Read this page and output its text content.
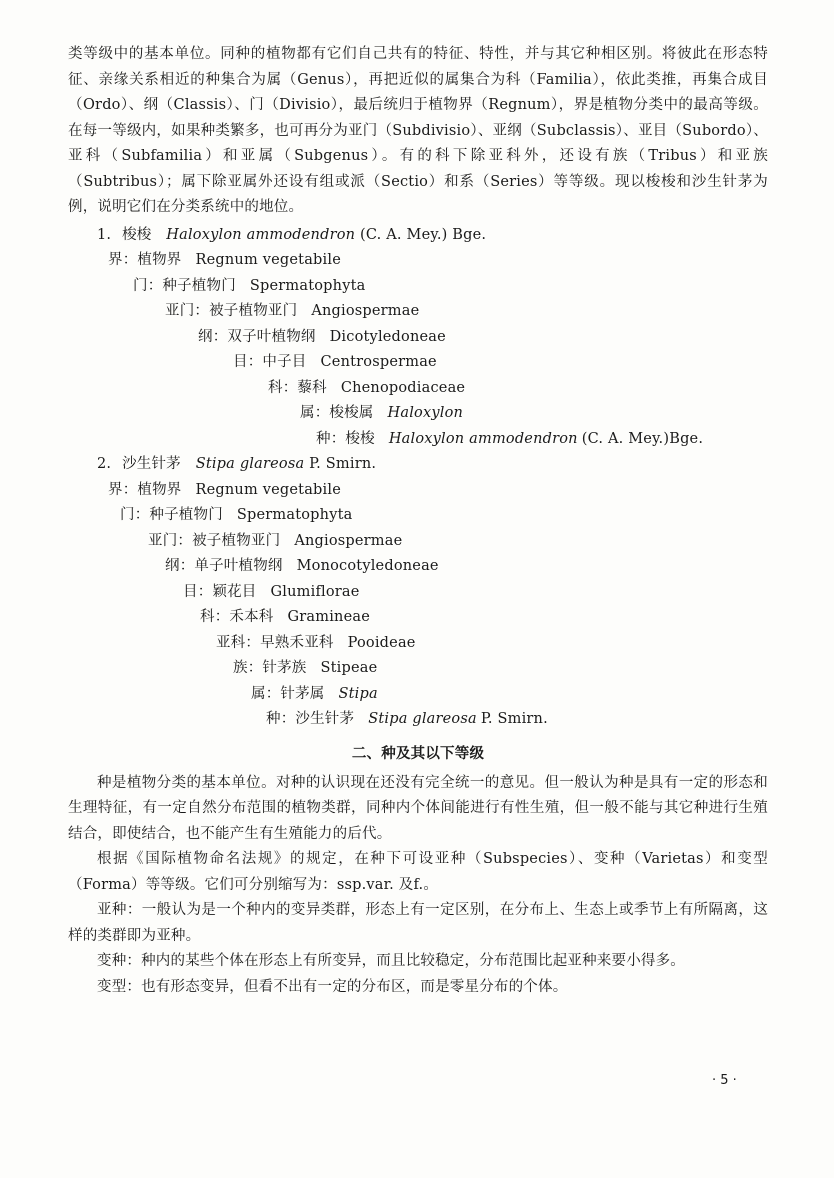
类等级中的基本单位。同种的植物都有它们自己共有的特征、特性，并与其它种相区别。将彼此在形态特征、亲缘关系相近的种集合为属（Genus），再把近似的属集合为科（Familia），依此类推，再集合成目（Ordo）、纲（Classis）、门（Divisio），最后统归于植物界（Regnum），界是植物分类中的最高等级。在每一等级内，如果种类繁多，也可再分为亚门（Subdivisio）、亚纲（Subclassis）、亚目（Subordo）、亚科（Subfamilia）和亚属（Subgenus）。有的科下除亚科外，还设有族（Tribus）和亚族（Subtribus）；属下除亚属外还设有组或派（Sectio）和系（Series）等等级。现以梭梭和沙生针茅为例，说明它们在分类系统中的地位。

1. 梭梭 Haloxylon ammodendron (C. A. Mey.) Bge.
界：植物界 Regnum vegetabile
门：种子植物门 Spermatophyta
亚门：被子植物亚门 Angiospermae
纲：双子叶植物纲 Dicotyledoneae
目：中子目 Centrospermae
科：藜科 Chenopodiaceae
属：梭梭属 Haloxylon
种：梭梭 Haloxylon ammodendron (C. A. Mey.)Bge.
2. 沙生针茅 Stipa glareosa P. Smirn.
界：植物界 Regnum vegetabile
门：种子植物门 Spermatophyta
亚门：被子植物亚门 Angiospermae
纲：单子叶植物纲 Monocotyledoneae
目：颖花目 Glumiflorae
科：禾本科 Gramineae
亚科：早熟禾亚科 Pooideae
族：针茅族 Stipeae
属：针茅属 Stipa
种：沙生针茅 Stipa glareosa P. Smirn.
二、种及其以下等级

种是植物分类的基本单位。对种的认识现在还没有完全统一的意见。但一般认为种是具有一定的形态和生理特征，有一定自然分布范围的植物类群，同种内个体间能进行有性生殖，但一般不能与其它种进行生殖结合，即使结合，也不能产生有生殖能力的后代。

根据《国际植物命名法规》的规定，在种下可设亚种（Subspecies）、变种（Varietas）和变型（Forma）等等级。它们可分别缩写为：ssp.var. 及f.。

亚种：一般认为是一个种内的变异类群，形态上有一定区别，在分布上、生态上或季节上有所隔离，这样的类群即为亚种。

变种：种内的某些个体在形态上有所变异，而且比较稳定，分布范围比起亚种来要小得多。

变型：也有形态变异，但看不出有一定的分布区，而是零星分布的个体。

· 5 ·
